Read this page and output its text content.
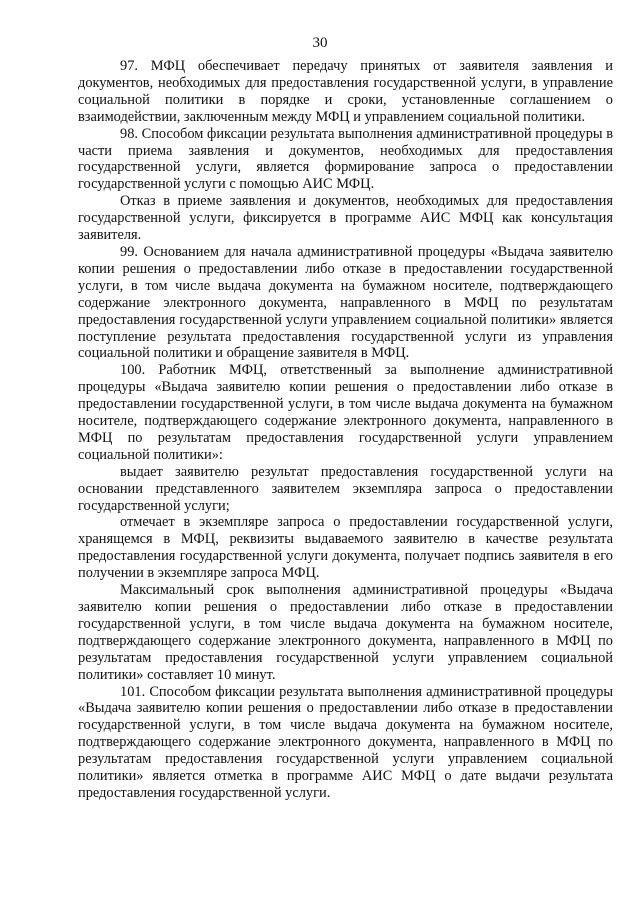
30

97. МФЦ обеспечивает передачу принятых от заявителя заявления и документов, необходимых для предоставления государственной услуги, в управление социальной политики в порядке и сроки, установленные соглашением о взаимодействии, заключенным между МФЦ и управлением социальной политики.

98. Способом фиксации результата выполнения административной процедуры в части приема заявления и документов, необходимых для предоставления государственной услуги, является формирование запроса о предоставлении государственной услуги с помощью АИС МФЦ.

Отказ в приеме заявления и документов, необходимых для предоставления государственной услуги, фиксируется в программе АИС МФЦ как консультация заявителя.

99. Основанием для начала административной процедуры «Выдача заявителю копии решения о предоставлении либо отказе в предоставлении государственной услуги, в том числе выдача документа на бумажном носителе, подтверждающего содержание электронного документа, направленного в МФЦ по результатам предоставления государственной услуги управлением социальной политики» является поступление результата предоставления государственной услуги из управления социальной политики и обращение заявителя в МФЦ.

100. Работник МФЦ, ответственный за выполнение административной процедуры «Выдача заявителю копии решения о предоставлении либо отказе в предоставлении государственной услуги, в том числе выдача документа на бумажном носителе, подтверждающего содержание электронного документа, направленного в МФЦ по результатам предоставления государственной услуги управлением социальной политики»:

выдает заявителю результат предоставления государственной услуги на основании представленного заявителем экземпляра запроса о предоставлении государственной услуги;

отмечает в экземпляре запроса о предоставлении государственной услуги, хранящемся в МФЦ, реквизиты выдаваемого заявителю в качестве результата предоставления государственной услуги документа, получает подпись заявителя в его получении в экземпляре запроса МФЦ.

Максимальный срок выполнения административной процедуры «Выдача заявителю копии решения о предоставлении либо отказе в предоставлении государственной услуги, в том числе выдача документа на бумажном носителе, подтверждающего содержание электронного документа, направленного в МФЦ по результатам предоставления государственной услуги управлением социальной политики» составляет 10 минут.

101. Способом фиксации результата выполнения административной процедуры «Выдача заявителю копии решения о предоставлении либо отказе в предоставлении государственной услуги, в том числе выдача документа на бумажном носителе, подтверждающего содержание электронного документа, направленного в МФЦ по результатам предоставления государственной услуги управлением социальной политики» является отметка в программе АИС МФЦ о дате выдачи результата предоставления государственной услуги.
